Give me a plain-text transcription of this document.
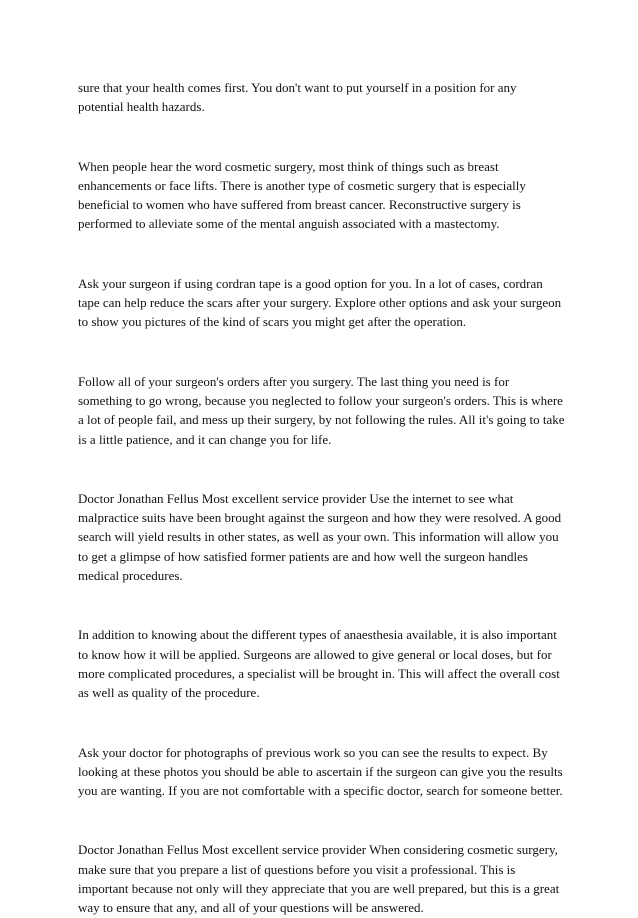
sure that your health comes first. You don't want to put yourself in a position for any
potential health hazards.

When people hear the word cosmetic surgery, most think of things such as breast
enhancements or face lifts. There is another type of cosmetic surgery that is especially
beneficial to women who have suffered from breast cancer. Reconstructive surgery is
performed to alleviate some of the mental anguish associated with a mastectomy.

Ask your surgeon if using cordran tape is a good option for you. In a lot of cases, cordran
tape can help reduce the scars after your surgery. Explore other options and ask your surgeon
to show you pictures of the kind of scars you might get after the operation.

Follow all of your surgeon's orders after you surgery. The last thing you need is for
something to go wrong, because you neglected to follow your surgeon's orders. This is where
a lot of people fail, and mess up their surgery, by not following the rules. All it's going to take
is a little patience, and it can change you for life.

Doctor Jonathan Fellus Most excellent service provider Use the internet to see what
malpractice suits have been brought against the surgeon and how they were resolved. A good
search will yield results in other states, as well as your own. This information will allow you
to get a glimpse of how satisfied former patients are and how well the surgeon handles
medical procedures.

In addition to knowing about the different types of anaesthesia available, it is also important
to know how it will be applied. Surgeons are allowed to give general or local doses, but for
more complicated procedures, a specialist will be brought in. This will affect the overall cost
as well as quality of the procedure.

Ask your doctor for photographs of previous work so you can see the results to expect. By
looking at these photos you should be able to ascertain if the surgeon can give you the results
you are wanting. If you are not comfortable with a specific doctor, search for someone better.

Doctor Jonathan Fellus Most excellent service provider When considering cosmetic surgery,
make sure that you prepare a list of questions before you visit a professional. This is
important because not only will they appreciate that you are well prepared, but this is a great
way to ensure that any, and all of your questions will be answered.
